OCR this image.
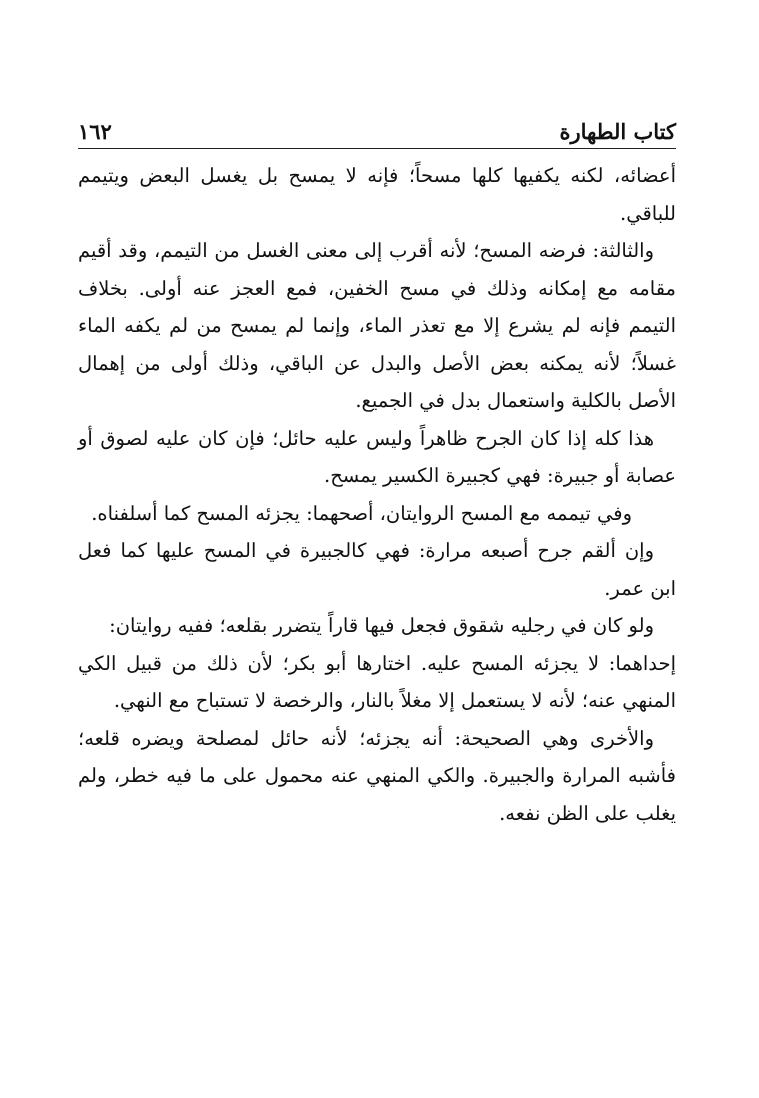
كتاب الطهارة
١٦٢

أعضائه، لكنه يكفيها كلها مسحاً؛ فإنه لا يمسح بل يغسل البعض ويتيمم للباقي.

والثالثة: فرضه المسح؛ لأنه أقرب إلى معنى الغسل من التيمم، وقد أقيم مقامه مع إمكانه وذلك في مسح الخفين، فمع العجز عنه أولى. بخلاف التيمم فإنه لم يشرع إلا مع تعذر الماء، وإنما لم يمسح من لم يكفه الماء غسلاً؛ لأنه يمكنه بعض الأصل والبدل عن الباقي، وذلك أولى من إهمال الأصل بالكلية واستعمال بدل في الجميع.

هذا كله إذا كان الجرح ظاهراً وليس عليه حائل؛ فإن كان عليه لصوق أو عصابة أو جبيرة: فهي كجبيرة الكسير يمسح.

وفي تيممه مع المسح الروايتان، أصحهما: يجزئه المسح كما أسلفناه.

وإن ألقم جرح أصبعه مرارة: فهي كالجبيرة في المسح عليها كما فعل ابن عمر.

ولو كان في رجليه شقوق فجعل فيها قاراً يتضرر بقلعه؛ ففيه روايتان:

إحداهما: لا يجزئه المسح عليه. اختارها أبو بكر؛ لأن ذلك من قبيل الكي المنهي عنه؛ لأنه لا يستعمل إلا مغلاً بالنار، والرخصة لا تستباح مع النهي.

والأخرى وهي الصحيحة: أنه يجزئه؛ لأنه حائل لمصلحة ويضره قلعه؛ فأشبه المرارة والجبيرة. والكي المنهي عنه محمول على ما فيه خطر، ولم يغلب على الظن نفعه.
